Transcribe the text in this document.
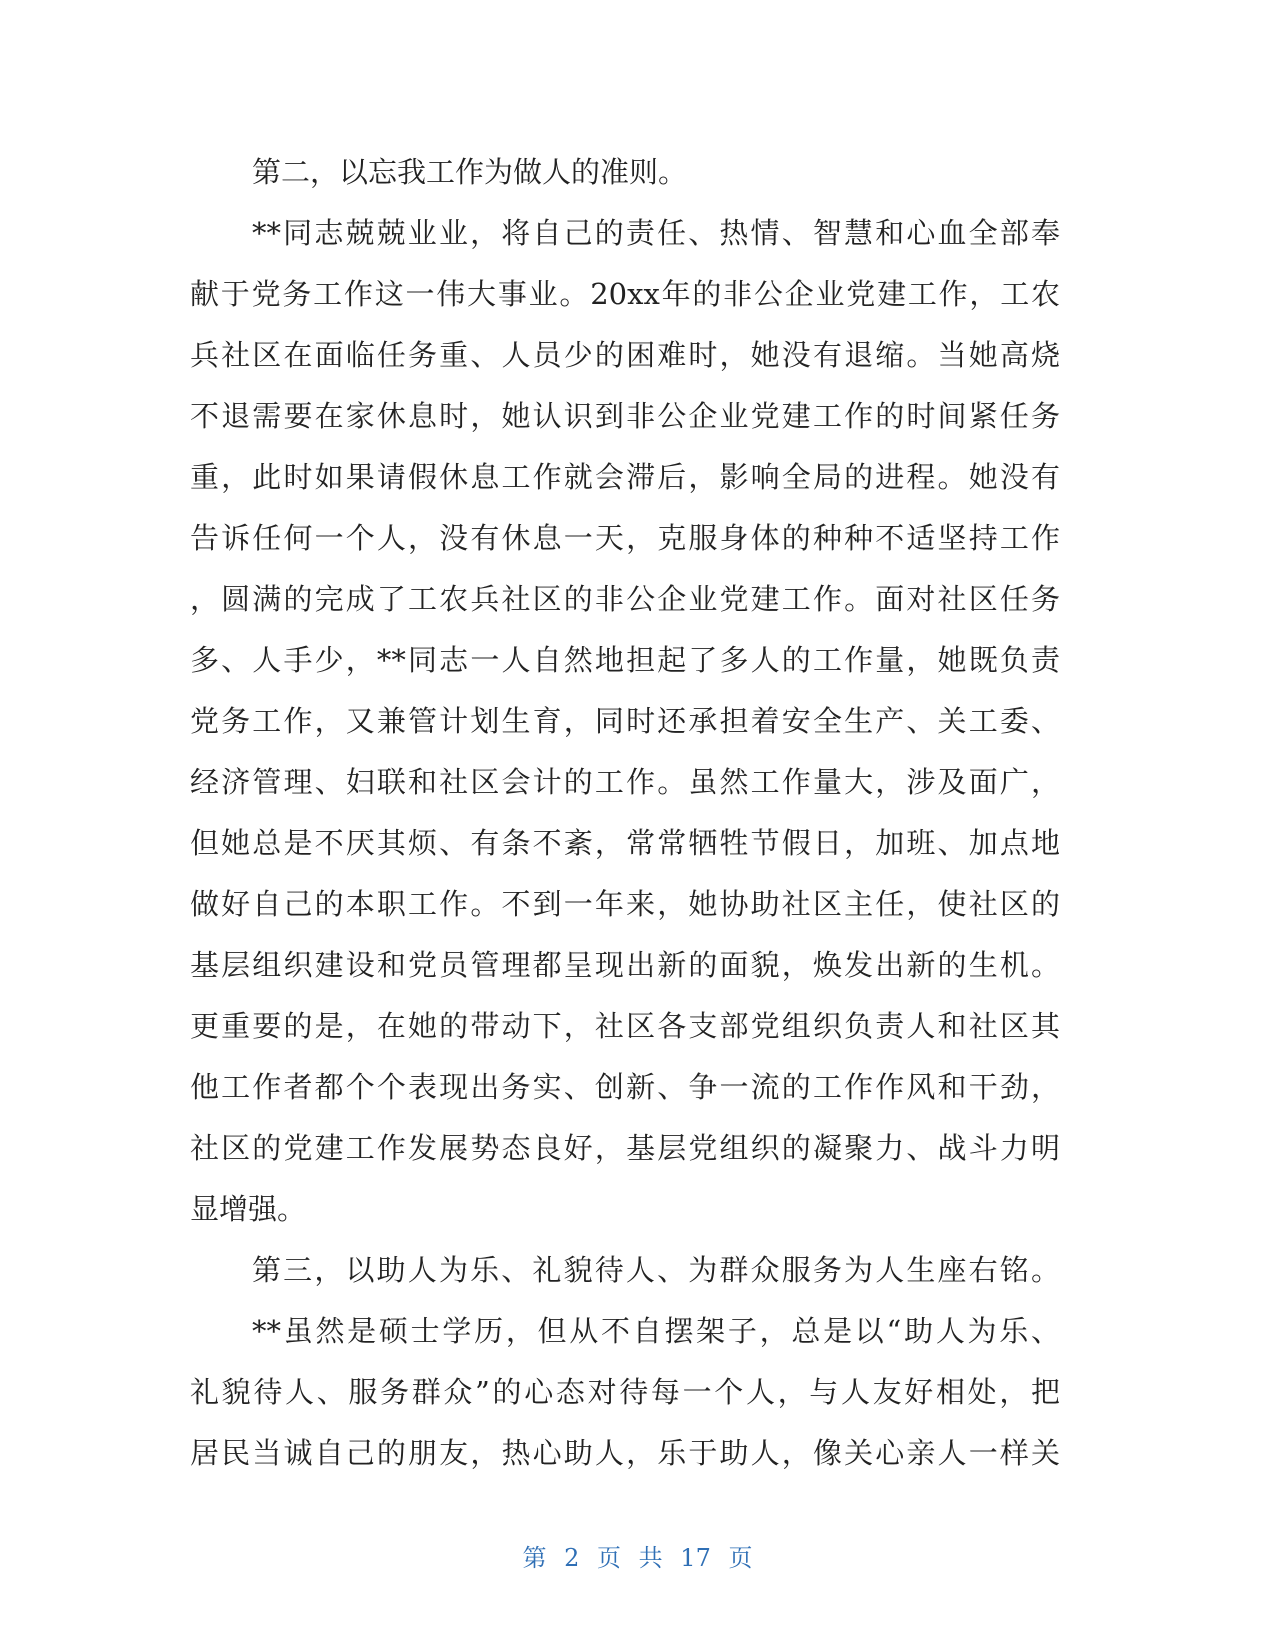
第二，以忘我工作为做人的准则。
**同志兢兢业业，将自己的责任、热情、智慧和心血全部奉
献于党务工作这一伟大事业。20xx年的非公企业党建工作，工农
兵社区在面临任务重、人员少的困难时，她没有退缩。当她高烧
不退需要在家休息时，她认识到非公企业党建工作的时间紧任务
重，此时如果请假休息工作就会滞后，影响全局的进程。她没有
告诉任何一个人，没有休息一天，克服身体的种种不适坚持工作
，圆满的完成了工农兵社区的非公企业党建工作。面对社区任务
多、人手少，**同志一人自然地担起了多人的工作量，她既负责
党务工作，又兼管计划生育，同时还承担着安全生产、关工委、
经济管理、妇联和社区会计的工作。虽然工作量大，涉及面广，
但她总是不厌其烦、有条不紊，常常牺牲节假日，加班、加点地
做好自己的本职工作。不到一年来，她协助社区主任，使社区的
基层组织建设和党员管理都呈现出新的面貌，焕发出新的生机。
更重要的是，在她的带动下，社区各支部党组织负责人和社区其
他工作者都个个表现出务实、创新、争一流的工作作风和干劲，
社区的党建工作发展势态良好，基层党组织的凝聚力、战斗力明
显增强。
第三，以助人为乐、礼貌待人、为群众服务为人生座右铭。
**虽然是硕士学历，但从不自摆架子，总是以“助人为乐、
礼貌待人、服务群众”的心态对待每一个人，与人友好相处，把
居民当诚自己的朋友，热心助人，乐于助人，像关心亲人一样关
第 2 页 共 17 页
